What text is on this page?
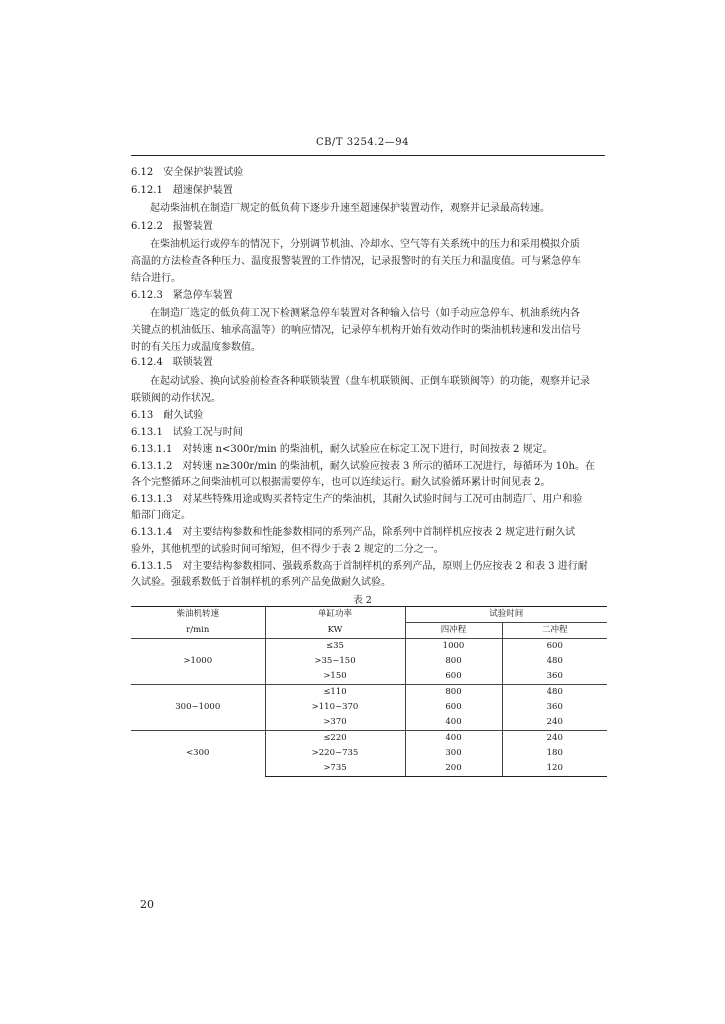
CB/T 3254.2—94
6.12　安全保护装置试验
6.12.1　超速保护装置
起动柴油机在制造厂规定的低负荷下逐步升速至超速保护装置动作，观察并记录最高转速。
6.12.2　报警装置
在柴油机运行或停车的情况下，分别调节机油、冷却水、空气等有关系统中的压力和采用模拟介质
高温的方法检查各种压力、温度报警装置的工作情况，记录报警时的有关压力和温度值。可与紧急停车
结合进行。
6.12.3　紧急停车装置
在制造厂选定的低负荷工况下检测紧急停车装置对各种输入信号（如手动应急停车、机油系统内各
关键点的机油低压、轴承高温等）的响应情况，记录停车机构开始有效动作时的柴油机转速和发出信号
时的有关压力或温度参数值。
6.12.4　联锁装置
在起动试验、换向试验前检查各种联锁装置（盘车机联锁阀、正倒车联锁阀等）的功能，观察并记录
联锁阀的动作状况。
6.13　耐久试验
6.13.1　试验工况与时间
6.13.1.1　对转速 n<300r/min 的柴油机，耐久试验应在标定工况下进行，时间按表 2 规定。
6.13.1.2　对转速 n≥300r/min 的柴油机，耐久试验应按表 3 所示的循环工况进行，每循环为 10h。在
各个完整循环之间柴油机可以根据需要停车，也可以连续运行。耐久试验循环累计时间见表 2。
6.13.1.3　对某些特殊用途或购买者特定生产的柴油机，其耐久试验时间与工况可由制造厂、用户和验
船部门商定。
6.13.1.4　对主要结构参数和性能参数相同的系列产品，除系列中首制样机应按表 2 规定进行耐久试
验外，其他机型的试验时间可缩短，但不得少于表 2 规定的二分之一。
6.13.1.5　对主要结构参数相同、强载系数高于首制样机的系列产品，原则上仍应按表 2 和表 3 进行耐
久试验。强载系数低于首制样机的系列产品免做耐久试验。
表 2
柴油机转速	单缸功率	试验时间	
r/min	KW	四冲程	二冲程
>1000	≤35	1000	600
	>35~150	800	480
	>150	600	360
300~1000	≤110	800	480
	>110~370	600	360
	>370	400	240
<300	≤220	400	240
	>220~735	300	180
	>735	200	120
20
